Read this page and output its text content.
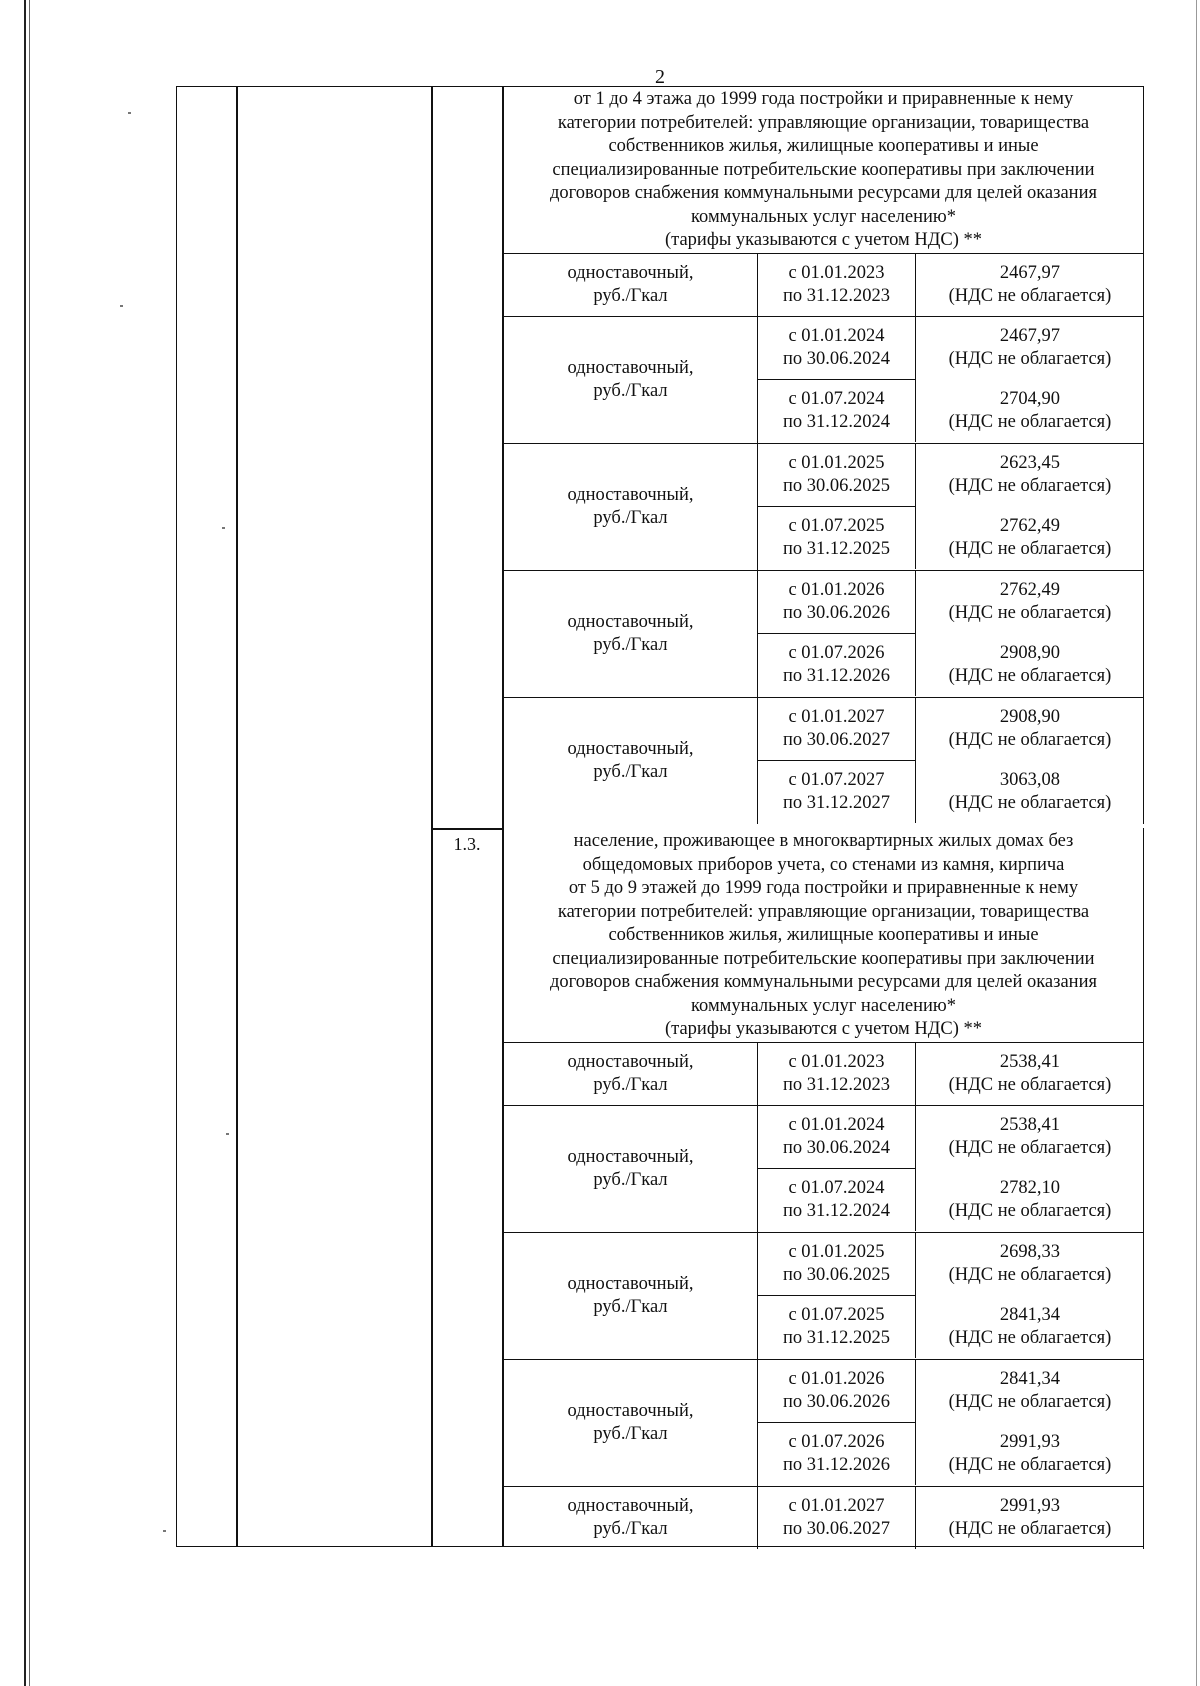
2
1.3.
от 1 до 4 этажа до 1999 года постройки и приравненные к нему
категории потребителей: управляющие организации, товарищества
собственников жилья, жилищные кооперативы и иные
специализированные потребительские кооперативы при заключении
договоров снабжения коммунальными ресурсами для целей оказания
коммунальных услуг населению*
(тарифы указываются с учетом НДС) **
одноставочный,
руб./Гкал
с 01.01.2023
по 31.12.2023
2467,97
(НДС не облагается)
одноставочный,
руб./Гкал
с 01.01.2024
по 30.06.2024
2467,97
(НДС не облагается)
с 01.07.2024
по 31.12.2024
2704,90
(НДС не облагается)
одноставочный,
руб./Гкал
с 01.01.2025
по 30.06.2025
2623,45
(НДС не облагается)
с 01.07.2025
по 31.12.2025
2762,49
(НДС не облагается)
одноставочный,
руб./Гкал
с 01.01.2026
по 30.06.2026
2762,49
(НДС не облагается)
с 01.07.2026
по 31.12.2026
2908,90
(НДС не облагается)
одноставочный,
руб./Гкал
с 01.01.2027
по 30.06.2027
2908,90
(НДС не облагается)
с 01.07.2027
по 31.12.2027
3063,08
(НДС не облагается)
население, проживающее в многоквартирных жилых домах без
общедомовых приборов учета, со стенами из камня, кирпича
от 5 до 9 этажей до 1999 года постройки и приравненные к нему
категории потребителей: управляющие организации, товарищества
собственников жилья, жилищные кооперативы и иные
специализированные потребительские кооперативы при заключении
договоров снабжения коммунальными ресурсами для целей оказания
коммунальных услуг населению*
(тарифы указываются с учетом НДС) **
одноставочный,
руб./Гкал
с 01.01.2023
по 31.12.2023
2538,41
(НДС не облагается)
одноставочный,
руб./Гкал
с 01.01.2024
по 30.06.2024
2538,41
(НДС не облагается)
с 01.07.2024
по 31.12.2024
2782,10
(НДС не облагается)
одноставочный,
руб./Гкал
с 01.01.2025
по 30.06.2025
2698,33
(НДС не облагается)
с 01.07.2025
по 31.12.2025
2841,34
(НДС не облагается)
одноставочный,
руб./Гкал
с 01.01.2026
по 30.06.2026
2841,34
(НДС не облагается)
с 01.07.2026
по 31.12.2026
2991,93
(НДС не облагается)
одноставочный,
руб./Гкал
с 01.01.2027
по 30.06.2027
2991,93
(НДС не облагается)
